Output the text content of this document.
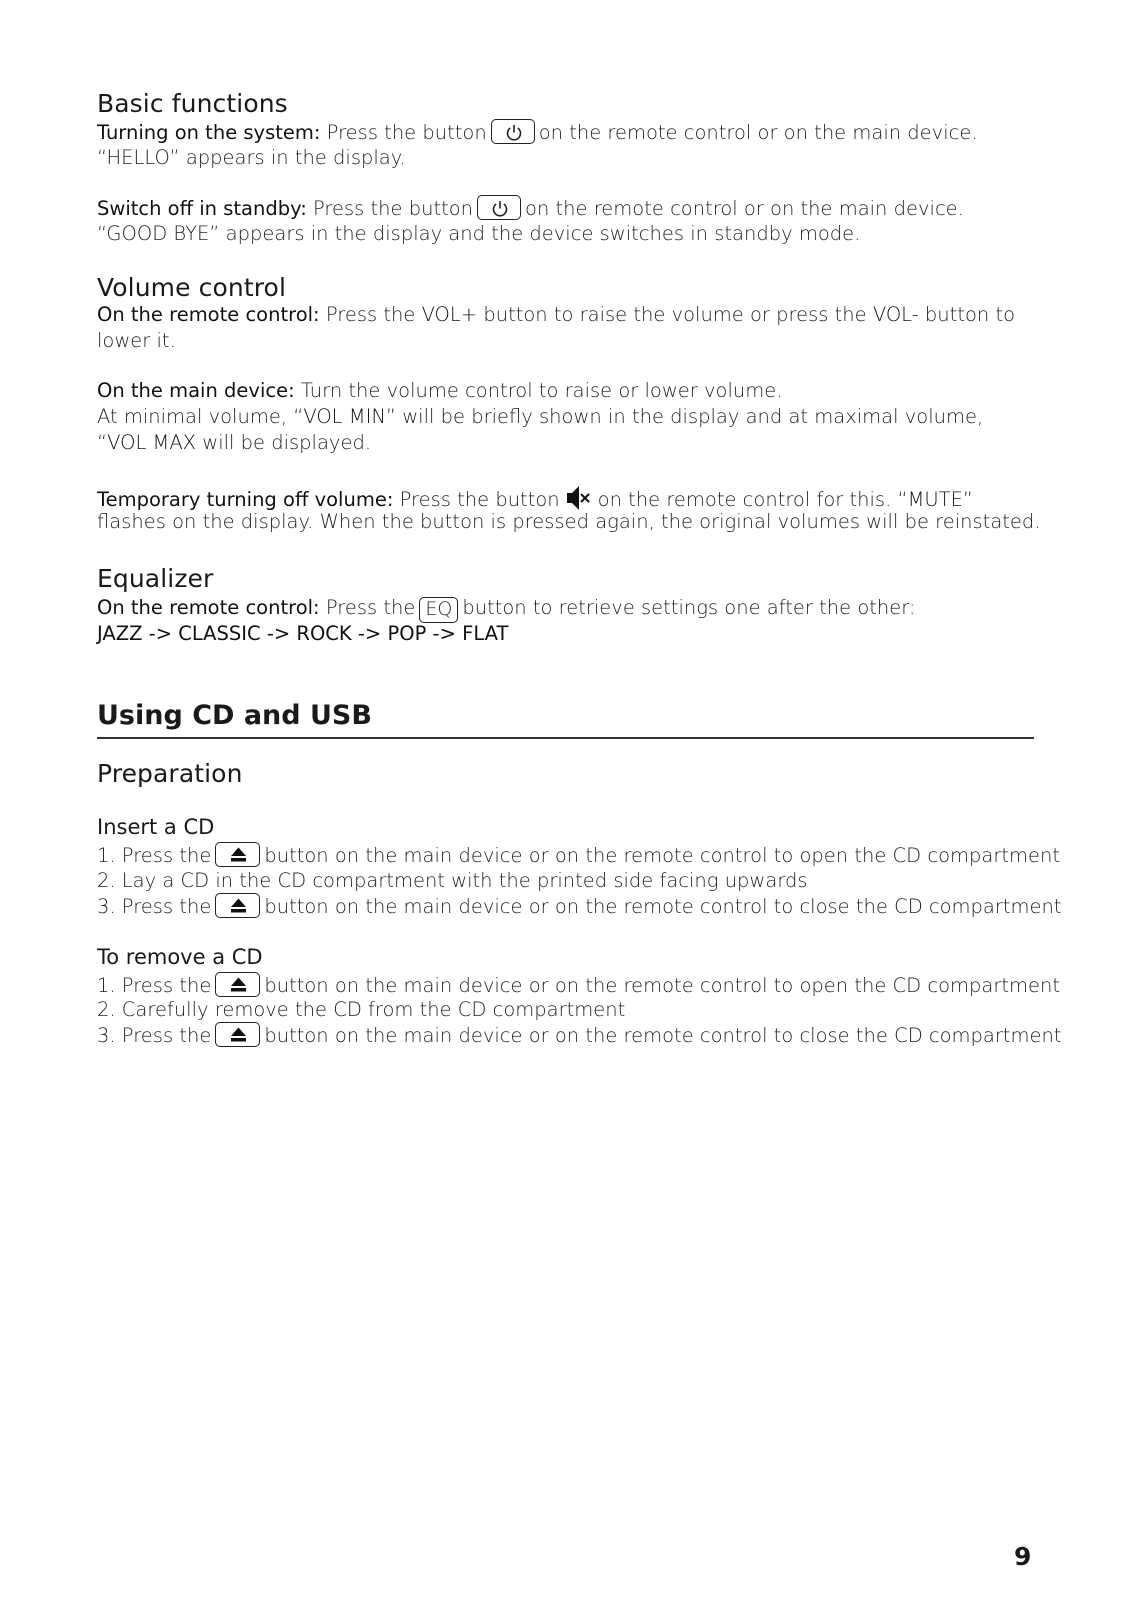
Basic functions
Turning on the system: Press the button	on the remote control or on the main device.
“HELLO” appears in the display.
Switch off in standby: Press the button	on the remote control or on the main device.
“GOOD BYE” appears in the display and the device switches in standby mode.
Volume control
On the remote control: Press the VOL+ button to raise the volume or press the VOL- button to
lower it.
On the main device: Turn the volume control to raise or lower volume.
At minimal volume, “VOL MIN” will be briefly shown in the display and at maximal volume,
“VOL MAX will be displayed.
Temporary turning off volume: Press the button on the remote control for this. “MUTE”
flashes on the display. When the button is pressed again, the original volumes will be reinstated.
Equalizer
On the remote control: Press the EQ button to retrieve settings one after the other:
JAZZ -> CLASSIC -> ROCK -> POP -> FLAT
Using CD and USB
Preparation
Insert a CD
1. Press the	button on the main device or on the remote control to open the CD compartment
2. Lay a CD in the CD compartment with the printed side facing upwards
3. Press the	button on the main device or on the remote control to close the CD compartment
To remove a CD
1. Press the	button on the main device or on the remote control to open the CD compartment
2. Carefully remove the CD from the CD compartment
3. Press the	button on the main device or on the remote control to close the CD compartment
9
